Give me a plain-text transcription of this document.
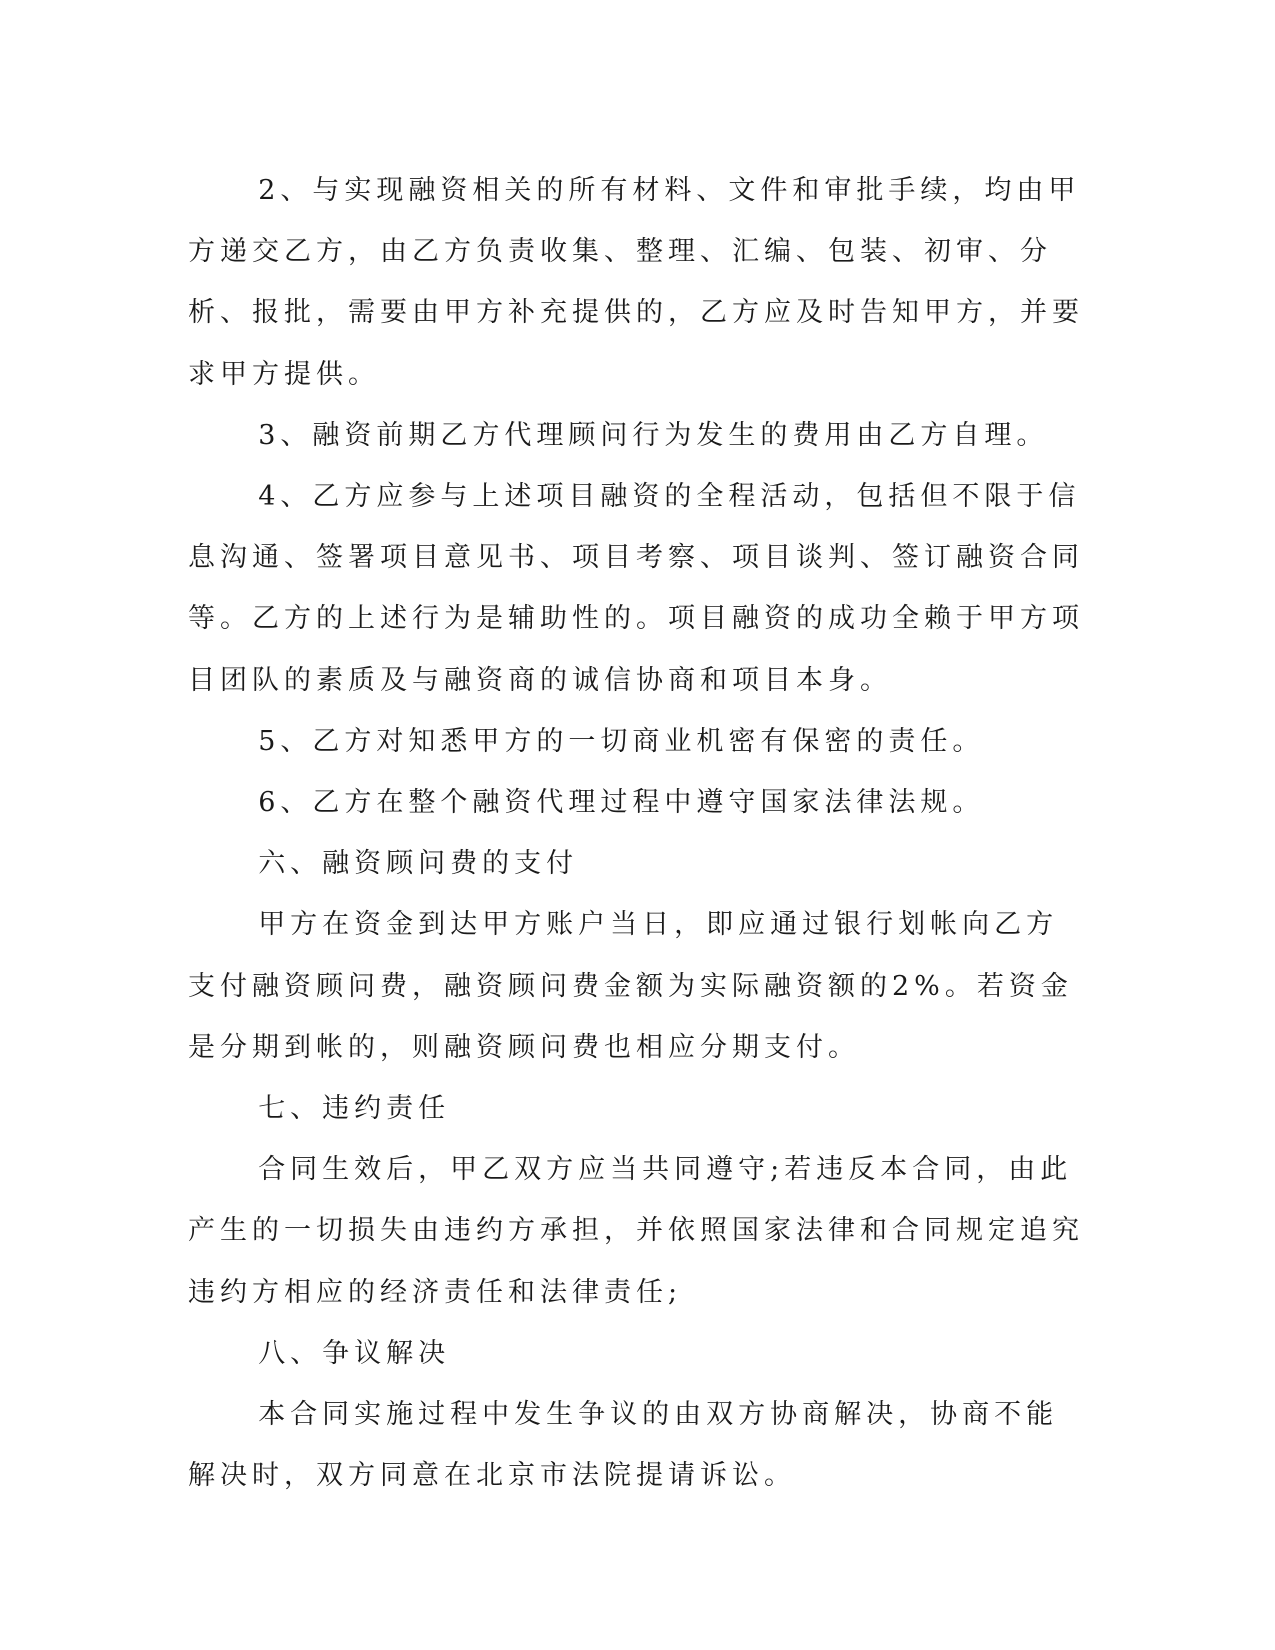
2、与实现融资相关的所有材料、文件和审批手续，均由甲方递交乙方，由乙方负责收集、整理、汇编、包装、初审、分析、报批，需要由甲方补充提供的，乙方应及时告知甲方，并要求甲方提供。

3、融资前期乙方代理顾问行为发生的费用由乙方自理。

4、乙方应参与上述项目融资的全程活动，包括但不限于信息沟通、签署项目意见书、项目考察、项目谈判、签订融资合同等。乙方的上述行为是辅助性的。项目融资的成功全赖于甲方项目团队的素质及与融资商的诚信协商和项目本身。

5、乙方对知悉甲方的一切商业机密有保密的责任。

6、乙方在整个融资代理过程中遵守国家法律法规。

六、融资顾问费的支付

甲方在资金到达甲方账户当日，即应通过银行划帐向乙方支付融资顾问费，融资顾问费金额为实际融资额的2%。若资金是分期到帐的，则融资顾问费也相应分期支付。

七、违约责任

合同生效后，甲乙双方应当共同遵守;若违反本合同，由此产生的一切损失由违约方承担，并依照国家法律和合同规定追究违约方相应的经济责任和法律责任;

八、争议解决

本合同实施过程中发生争议的由双方协商解决，协商不能解决时，双方同意在北京市法院提请诉讼。
